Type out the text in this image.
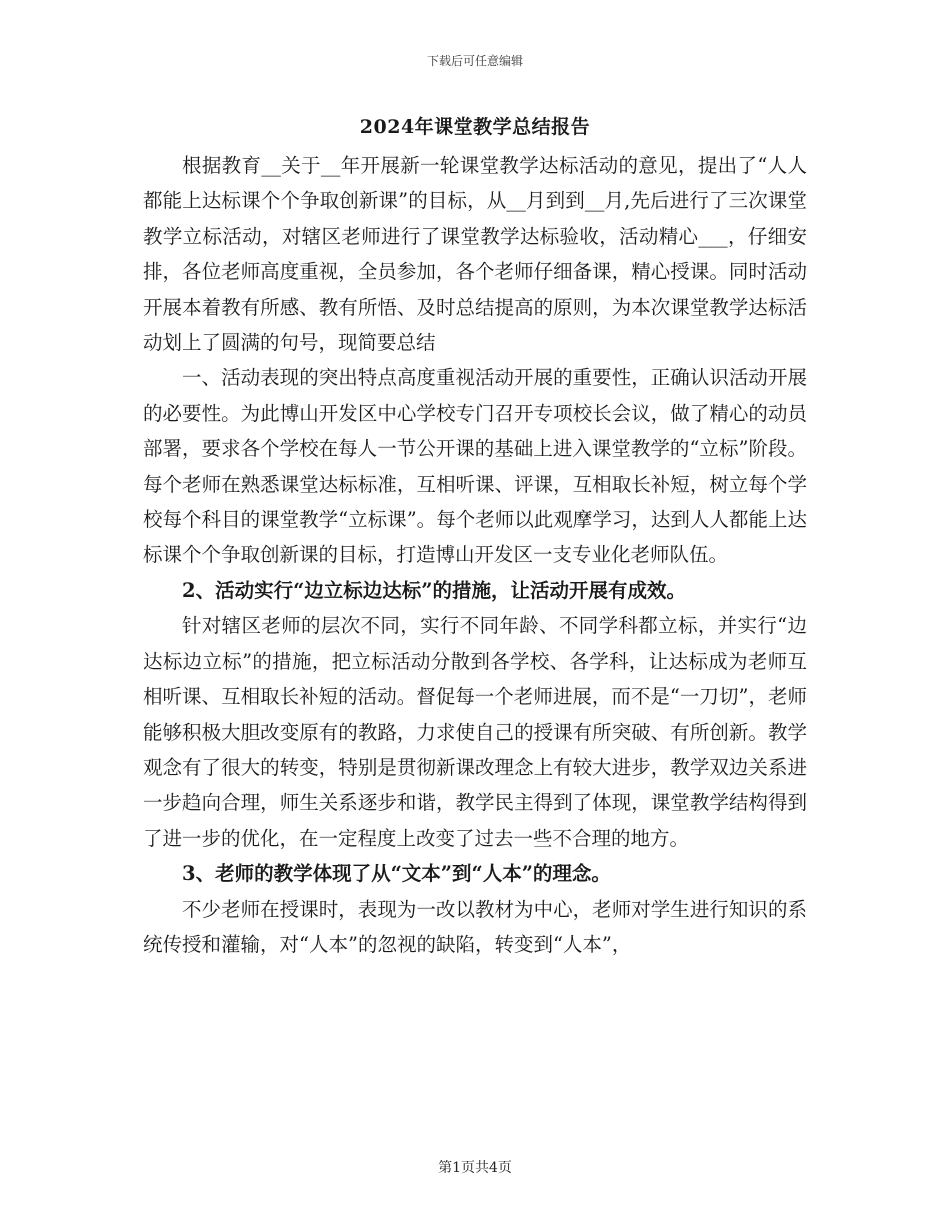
下载后可任意编辑
2024年课堂教学总结报告

根据教育__关于__年开展新一轮课堂教学达标活动的意见，提出了“人人都能上达标课个个争取创新课”的目标，从__月到到__月,先后进行了三次课堂教学立标活动，对辖区老师进行了课堂教学达标验收，活动精心___，仔细安排，各位老师高度重视，全员参加，各个老师仔细备课，精心授课。同时活动开展本着教有所感、教有所悟、及时总结提高的原则，为本次课堂教学达标活动划上了圆满的句号，现简要总结

一、活动表现的突出特点高度重视活动开展的重要性，正确认识活动开展的必要性。为此博山开发区中心学校专门召开专项校长会议，做了精心的动员部署，要求各个学校在每人一节公开课的基础上进入课堂教学的“立标”阶段。每个老师在熟悉课堂达标标准，互相听课、评课，互相取长补短，树立每个学校每个科目的课堂教学“立标课”。每个老师以此观摩学习，达到人人都能上达标课个个争取创新课的目标，打造博山开发区一支专业化老师队伍。

2、活动实行“边立标边达标”的措施，让活动开展有成效。

针对辖区老师的层次不同，实行不同年龄、不同学科都立标，并实行“边达标边立标”的措施，把立标活动分散到各学校、各学科，让达标成为老师互相听课、互相取长补短的活动。督促每一个老师进展，而不是“一刀切”，老师能够积极大胆改变原有的教路，力求使自己的授课有所突破、有所创新。教学观念有了很大的转变，特别是贯彻新课改理念上有较大进步，教学双边关系进一步趋向合理，师生关系逐步和谐，教学民主得到了体现，课堂教学结构得到了进一步的优化，在一定程度上改变了过去一些不合理的地方。

3、老师的教学体现了从“文本”到“人本”的理念。

不少老师在授课时，表现为一改以教材为中心，老师对学生进行知识的系统传授和灌输，对“人本”的忽视的缺陷，转变到“人本”，

第1页共4页
